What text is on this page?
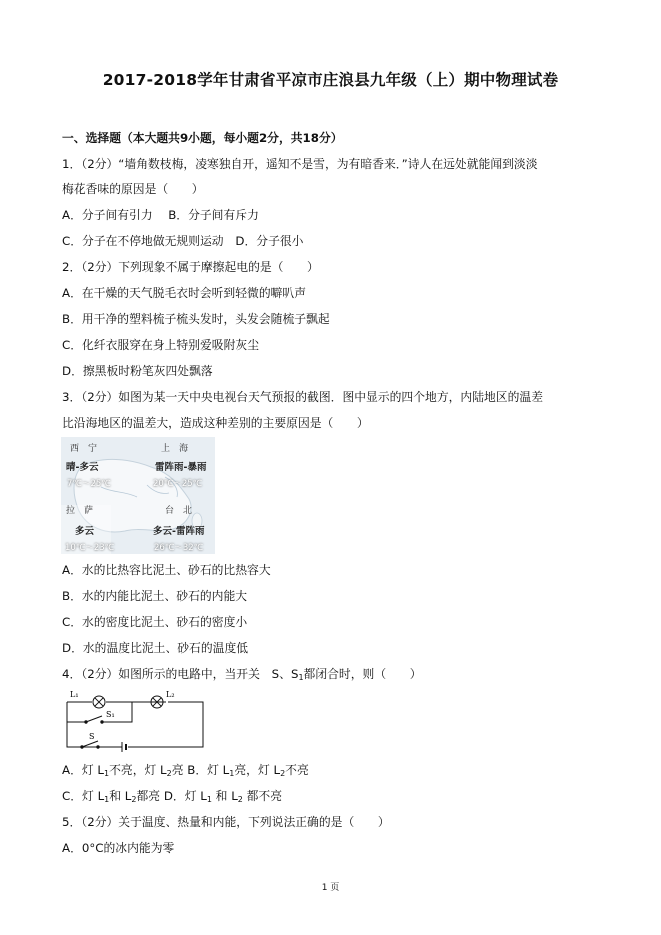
2017-2018学年甘肃省平凉市庄浪县九年级（上）期中物理试卷
一、选择题（本大题共9小题，每小题2分，共18分）
1．（2分）“墙角数枝梅，凌寒独自开，遥知不是雪，为有暗香来．”诗人在远处就能闻到淡淡
梅花香味的原因是（　　）
A．分子间有引力　 B．分子间有斥力
C．分子在不停地做无规则运动　D．分子很小
2．（2分）下列现象不属于摩擦起电的是（　　）
A．在干燥的天气脱毛衣时会听到轻微的噼叭声
B．用干净的塑料梳子梳头发时，头发会随梳子飘起
C．化纤衣服穿在身上特别爱吸附灰尘
D．擦黑板时粉笔灰四处飘落
3．（2分）如图为某一天中央电视台天气预报的截图．图中显示的四个地方，内陆地区的温差
比沿海地区的温差大，造成这种差别的主要原因是（　　）
西　宁
晴-多云
7℃～25℃
上　海
雷阵雨-暴雨
20℃～25℃
拉　萨
多云
10℃～23℃
台　北
多云-雷阵雨
26℃～32℃
A．水的比热容比泥土、砂石的比热容大
B．水的内能比泥土、砂石的内能大
C．水的密度比泥土、砂石的密度小
D．水的温度比泥土、砂石的温度低
4．（2分）如图所示的电路中，当开关　S、$S_1$都闭合时，则（　　）
L₁	L₂
S₁
S
A．灯 $L_1$不亮，灯 $L_2$亮 B．灯 $L_1$亮，灯 $L_2$不亮
C．灯 $L_1$和 $L_2$都亮 D．灯 $L_1$ 和 $L_2$ 都不亮
5．（2分）关于温度、热量和内能，下列说法正确的是（　　）
A．0°C的冰内能为零
1 页
